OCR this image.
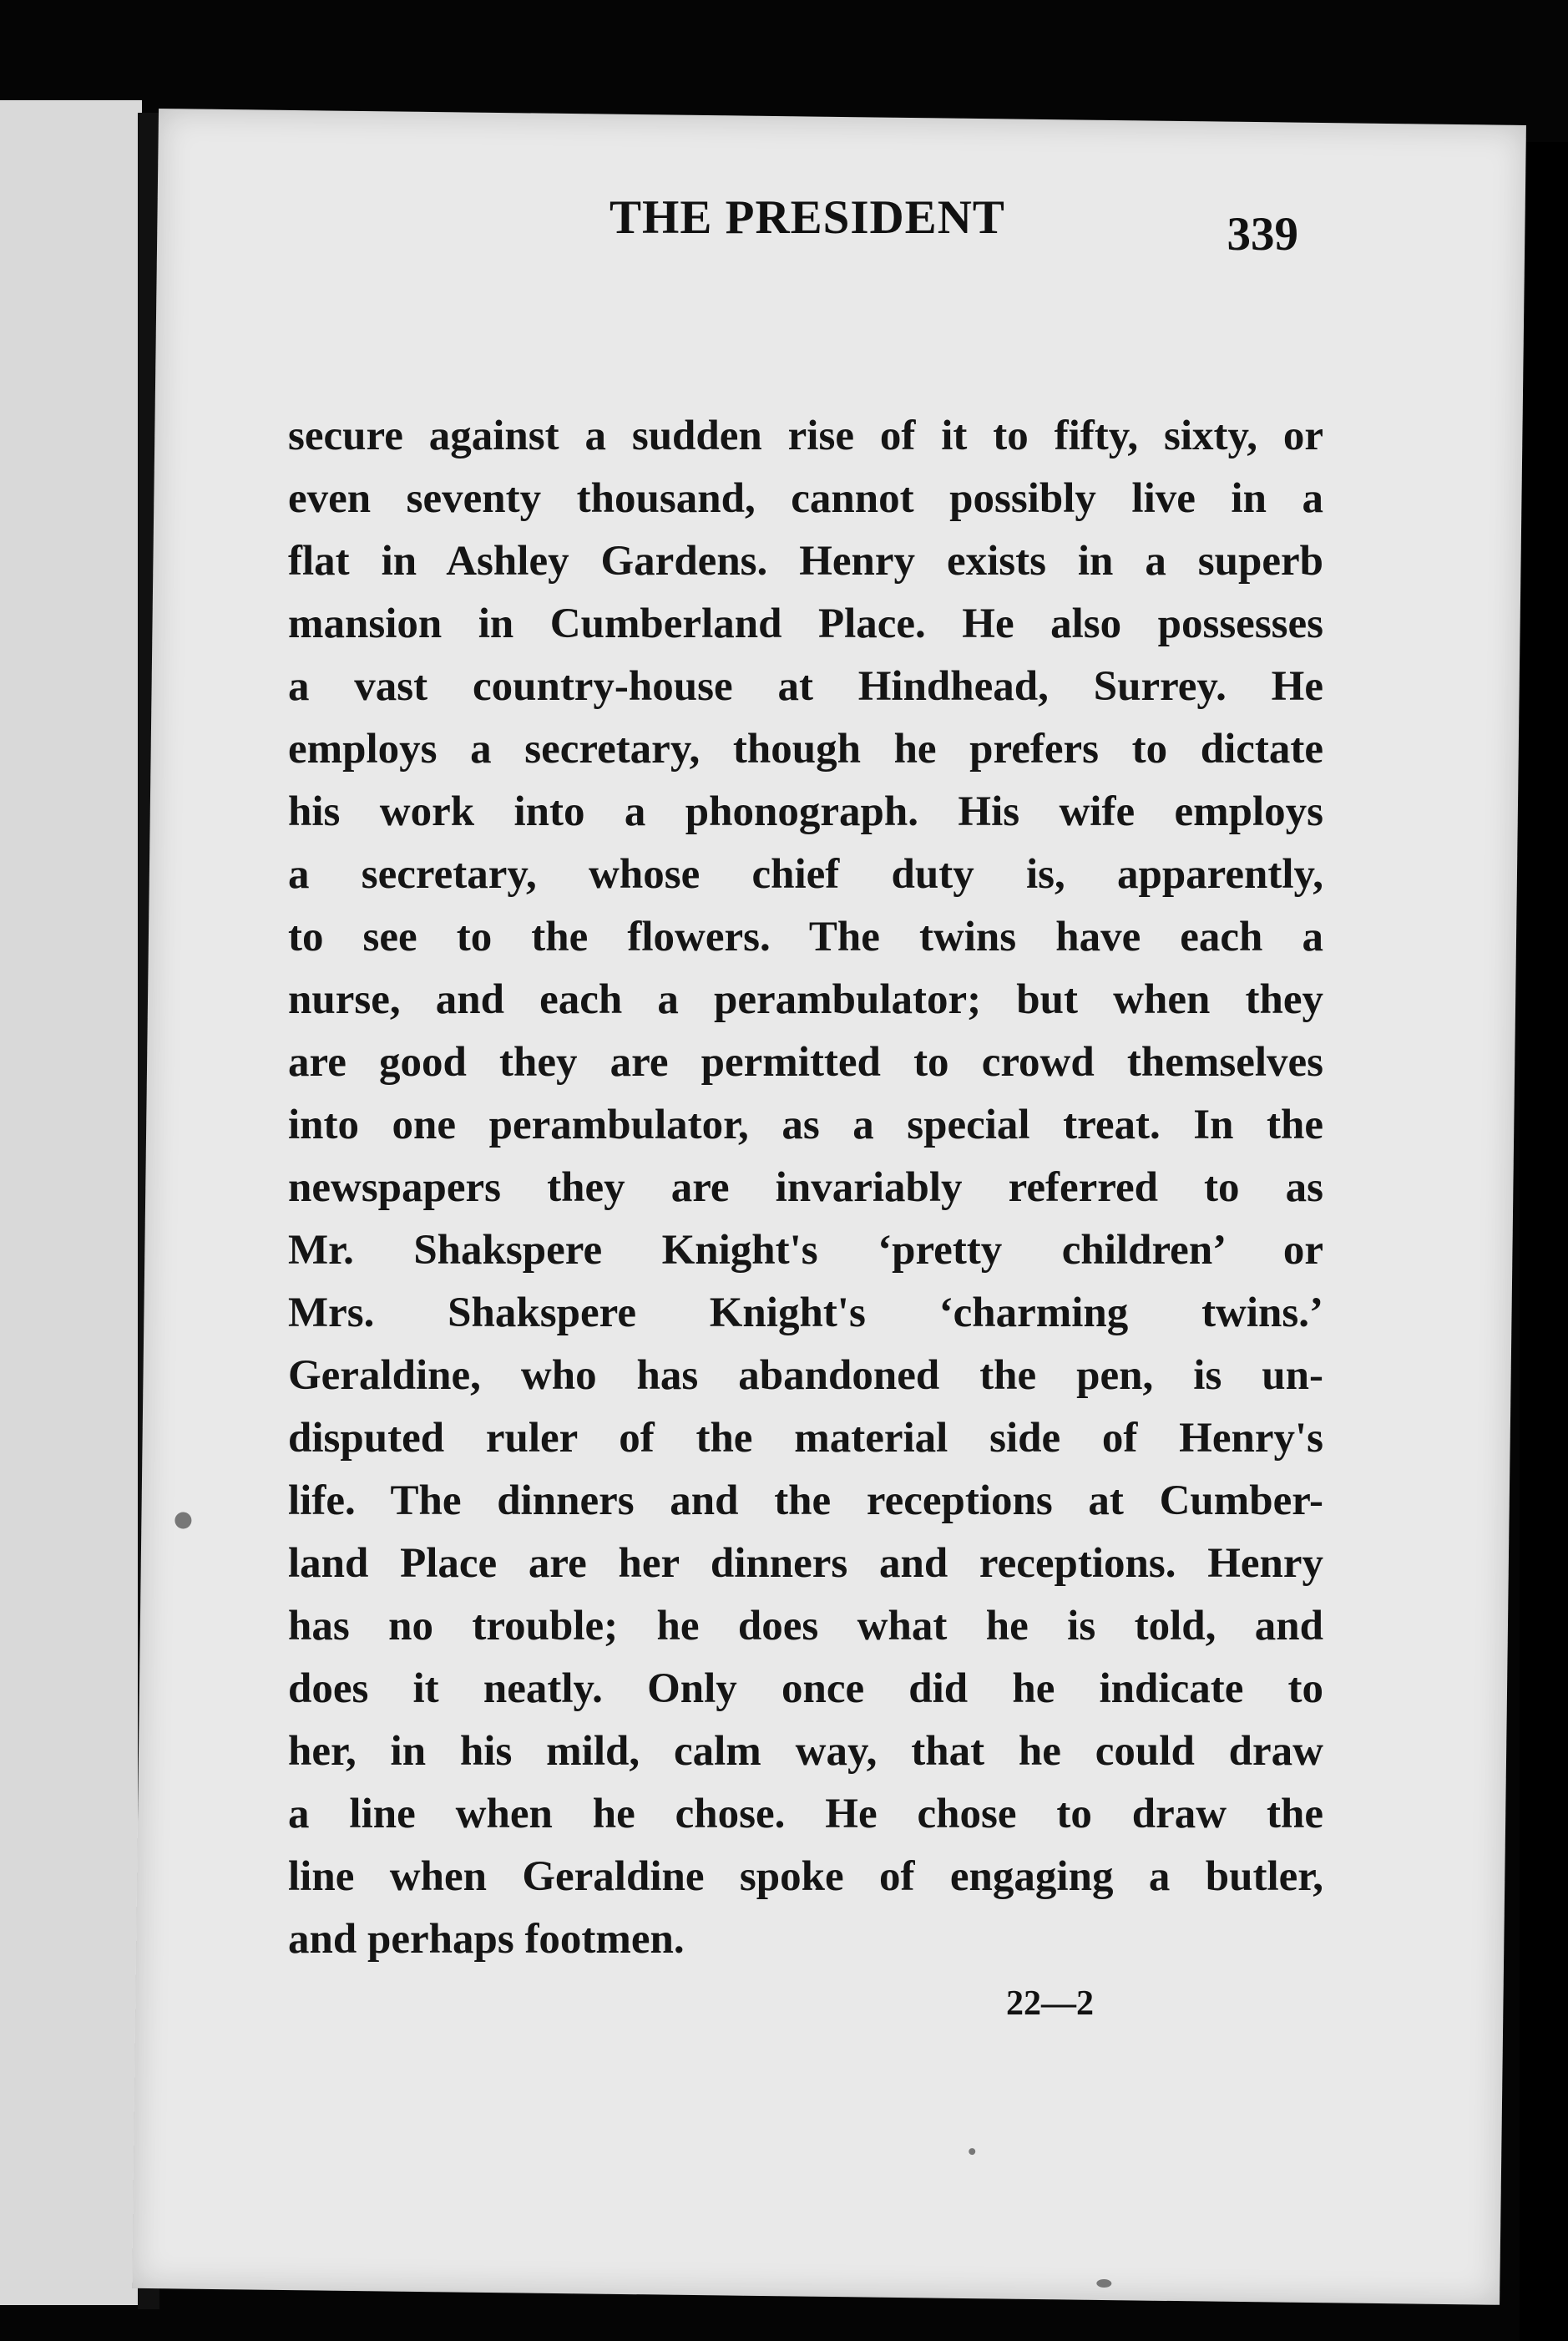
THE PRESIDENT	339
secure against a sudden rise of it to fifty, sixty, or
even seventy thousand, cannot possibly live in a
flat in Ashley Gardens. Henry exists in a superb
mansion in Cumberland Place. He also possesses
a vast country-house at Hindhead, Surrey. He
employs a secretary, though he prefers to dictate
his work into a phonograph. His wife employs
a secretary, whose chief duty is, apparently,
to see to the flowers. The twins have each a
nurse, and each a perambulator; but when they
are good they are permitted to crowd themselves
into one perambulator, as a special treat. In the
newspapers they are invariably referred to as
Mr. Shakspere Knight's ‘pretty children’ or
Mrs. Shakspere Knight's ‘charming twins.’
Geraldine, who has abandoned the pen, is un-
disputed ruler of the material side of Henry's
life. The dinners and the receptions at Cumber-
land Place are her dinners and receptions. Henry
has no trouble; he does what he is told, and
does it neatly. Only once did he indicate to
her, in his mild, calm way, that he could draw
a line when he chose. He chose to draw the
line when Geraldine spoke of engaging a butler,
and perhaps footmen.
22—2
